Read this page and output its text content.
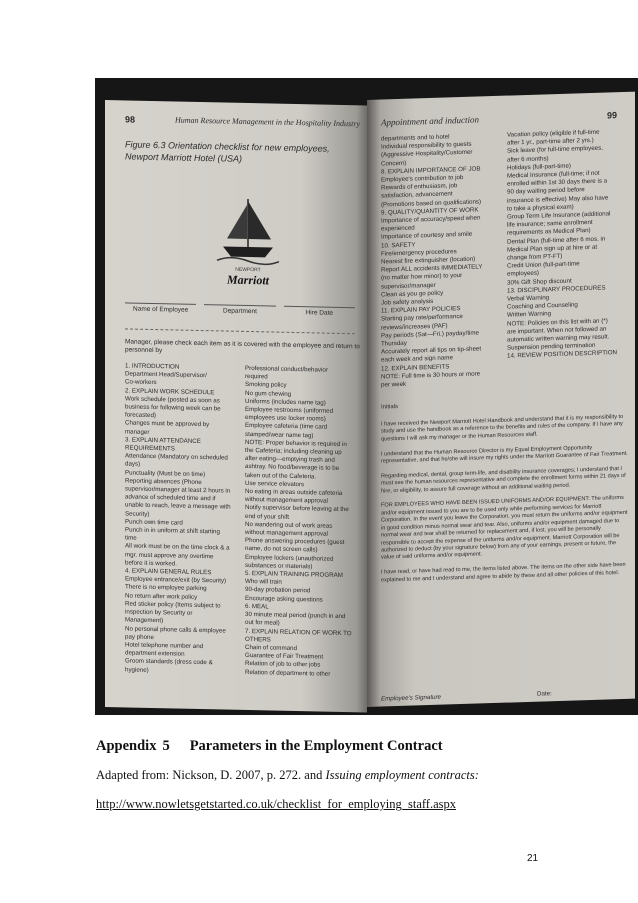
98	Human Resource Management in the Hospitality Industry
Figure 6.3 Orientation checklist for new employees, Newport Marriott Hotel (USA)
NEWPORT
Marriott
Name of Employee	Department	Hire Date
Manager, please check each item as it is covered with the employee and return to personnel by
1. INTRODUCTION
Department Head/Supervisor/
Co-workers
2. EXPLAIN WORK SCHEDULE
Work schedule (posted as soon as
business for following week can be
forecasted)
Changes must be approved by
manager
3. EXPLAIN ATTENDANCE
REQUIREMENTS
Attendance (Mandatory on scheduled
days)
Punctuality (Must be on time)
Reporting absences (Phone
supervisor/manager at least 2 hours in
advance of scheduled time and if
unable to reach, leave a message with
Security)
Punch own time card
Punch in in uniform at shift starting
time
All work must be on the time clock & a
mgr. must approve any overtime
before it is worked.
4. EXPLAIN GENERAL RULES
Employee entrance/exit (by Security)
There is no employee parking
No return after work policy
Red sticker policy (Items subject to
inspection by Security or
Management)
No personal phone calls & employee
pay phone
Hotel telephone number and
department extension
Groom standards (dress code &
hygiene)
Professional conduct/behavior
required
Smoking policy
No gum chewing
Uniforms (includes name tag)
Employee restrooms (uniformed
employees use locker rooms)
Employee cafeteria (time card
stamped/wear name tag)
NOTE: Proper behavior is required in
the Cafeteria; including cleaning up
after eating—emptying trash and
ashtray. No food/beverage is to be
taken out of the Cafeteria.
Use service elevators
No eating in areas outside cafeteria
without management approval
Notify supervisor before leaving at the
end of your shift
No wandering out of work areas
without management approval
Phone answering procedures (guest
name, do not screen calls)
Employee lockers (unauthorized
substances or materials)
5. EXPLAIN TRAINING PROGRAM
Who will train
90-day probation period
Encourage asking questions
6. MEAL
30 minute meal period (punch in and
out for meal)
7. EXPLAIN RELATION OF WORK TO
OTHERS
Chain of command
Guarantee of Fair Treatment
Relation of job to other jobs
Relation of department to other
Appointment and induction	99
departments and to hotel
Individual responsibility to guests
(Aggressive Hospitality/Customer
Concern)
8. EXPLAIN IMPORTANCE OF JOB
Employee's contribution to job
Rewards of enthusiasm, job
satisfaction, advancement
(Promotions based on qualifications)
9. QUALITY/QUANTITY OF WORK
Importance of accuracy/speed when
experienced
Importance of courtesy and smile
10. SAFETY
Fire/emergency procedures
Nearest fire extinguisher (location)
Report ALL accidents IMMEDIATELY
(no matter how minor) to your
supervisor/manager
Clean as you go policy
Job safety analysis
11. EXPLAIN PAY POLICIES
Starting pay rate/performance
reviews/increases (PAF)
Pay periods (Sat—Fri.) payday/time
Thursday
Accurately report all tips on tip-sheet
each week and sign name
12. EXPLAIN BENEFITS
NOTE: Full time is 30 hours or more
per week
Vacation policy (eligible if full-time
after 1 yr., part-time after 2 yrs.)
Sick leave (for full-time employees,
after 6 months)
Holidays (full-part-time)
Medical Insurance (full-time; if not
enrolled within 1st 30 days there is a
90 day waiting period before
insurance is effective) May also have
to take a physical exam)
Group Term Life Insurance (additional
life insurance; same enrollment
requirements as Medical Plan)
Dental Plan (full-time after 6 mos. in
Medical Plan sign up at hire or at
change from PT-FT)
Credit Union (full-part-time
employees)
30% Gift Shop discount
13. DISCIPLINARY PROCEDURES
Verbal Warning
Coaching and Counseling
Written Warning
NOTE: Policies on this list with an (*)
are important. When not followed an
automatic written warning may result.
Suspension pending termination
14. REVIEW POSITION DESCRIPTION
Initials
I have received the Newport Marriott Hotel Handbook and understand that it is my responsibility to study and use the handbook as a reference to the benefits and rules of the company. If I have any questions I will ask my manager or the Human Resources staff.

I understand that the Human Resource Director is my Equal Employment Opportunity representative, and that he/she will insure my rights under the Marriott Guarantee of Fair Treatment.

Regarding medical, dental, group term-life, and disability insurance coverages; I understand that I must see the human resources representative and complete the enrollment forms within 21 days of hire, or eligibility, to assure full coverage without an additional waiting period.

FOR EMPLOYEES WHO HAVE BEEN ISSUED UNIFORMS AND/OR EQUIPMENT: The uniforms and/or equipment issued to you are to be used only while performing services for Marriott Corporation. In the event you leave the Corporation, you must return the uniforms and/or equipment in good condition minus normal wear and tear. Also, uniforms and/or equipment damaged due to normal wear and tear shall be returned for replacement and, if lost, you will be personally responsible to accept the expense of the uniforms and/or equipment. Marriott Corporation will be authorized to deduct (by your signature below) from any of your earnings, present or future, the value of said uniforms and/or equipment.

I have read, or have had read to me, the items listed above. The items on the other side have been explained to me and I understand and agree to abide by these and all other policies of this hotel.
Employee's Signature	Date:
Appendix 5 Parameters in the Employment Contract
Adapted from: Nickson, D. 2007, p. 272. and Issuing employment contracts:
http://www.nowletsgetstarted.co.uk/checklist_for_employing_staff.aspx
21
